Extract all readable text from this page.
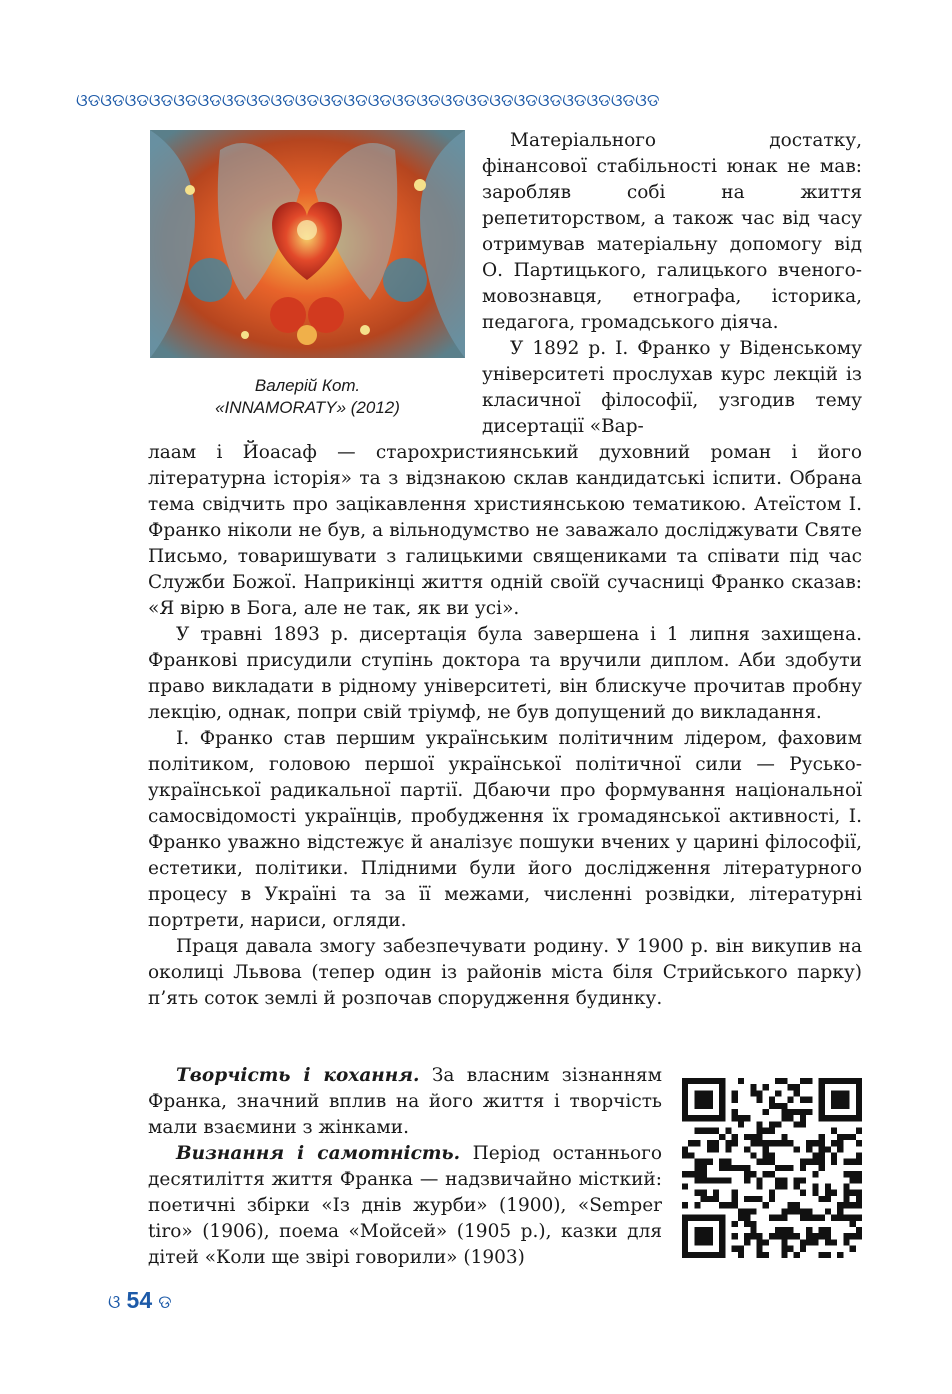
ଓଡଓଡଓଡଓଡଓଡଓଡଓଡଓଡଓଡଓଡଓଡଓଡଓଡଓଡଓଡଓଡଓଡଓଡଓଡଓଡଓଡଓଡଓଡଓଡ
Валерій Кот.
«INNAMORATY» (2012)

Матеріального достатку, фінансової стабільності юнак не мав: заробляв собі на життя репетиторством, а також час від часу отримував матеріальну допомогу від О. Партицького, галицького вченого-мовознавця, етнографа, історика, педагога, громадського діяча.

У 1892 р. І. Франко у Віденському університеті прослухав курс лекцій із класичної філософії, узгодив тему дисертації «Вар-

лаам і Йоасаф — старохристиянський духовний роман і його літературна історія» та з відзнакою склав кандидатські іспити. Обрана тема свідчить про зацікавлення християнською тематикою. Атеїстом І. Франко ніколи не був, а вільнодумство не заважало досліджувати Святе Письмо, товаришувати з галицькими священиками та співати під час Служби Божої. Наприкінці життя одній своїй сучасниці Франко сказав: «Я вірю в Бога, але не так, як ви усі».

У травні 1893 р. дисертація була завершена і 1 липня захищена. Франкові присудили ступінь доктора та вручили диплом. Аби здобути право викладати в рідному університеті, він блискуче прочитав пробну лекцію, однак, попри свій тріумф, не був допущений до викладання.

І. Франко став першим українським політичним лідером, фаховим політиком, головою першої української політичної сили — Русько-української радикальної партії. Дбаючи про формування національної самосвідомості українців, пробудження їх громадянської активності, І. Франко уважно відстежує й аналізує пошуки вчених у царині філософії, естетики, політики. Плідними були його дослідження літературного процесу в Україні та за її межами, численні розвідки, літературні портрети, нариси, огляди.

Праця давала змогу забезпечувати родину. У 1900 р. він викупив на околиці Львова (тепер один із районів міста біля Стрийського парку) п’ять соток землі й розпочав спорудження будинку.

Творчість і кохання. За власним зізнанням Франка, значний вплив на його життя і творчість мали взаємини з жінками.

Визнання і самотність. Період останнього десятиліття життя Франка — надзвичайно місткий: поетичні збірки «Із днів журби» (1900), «Semper tiro» (1906), поема «Мойсей» (1905 р.), казки для дітей «Коли ще звірі говорили» (1903)

ଓ 54 ଡ
